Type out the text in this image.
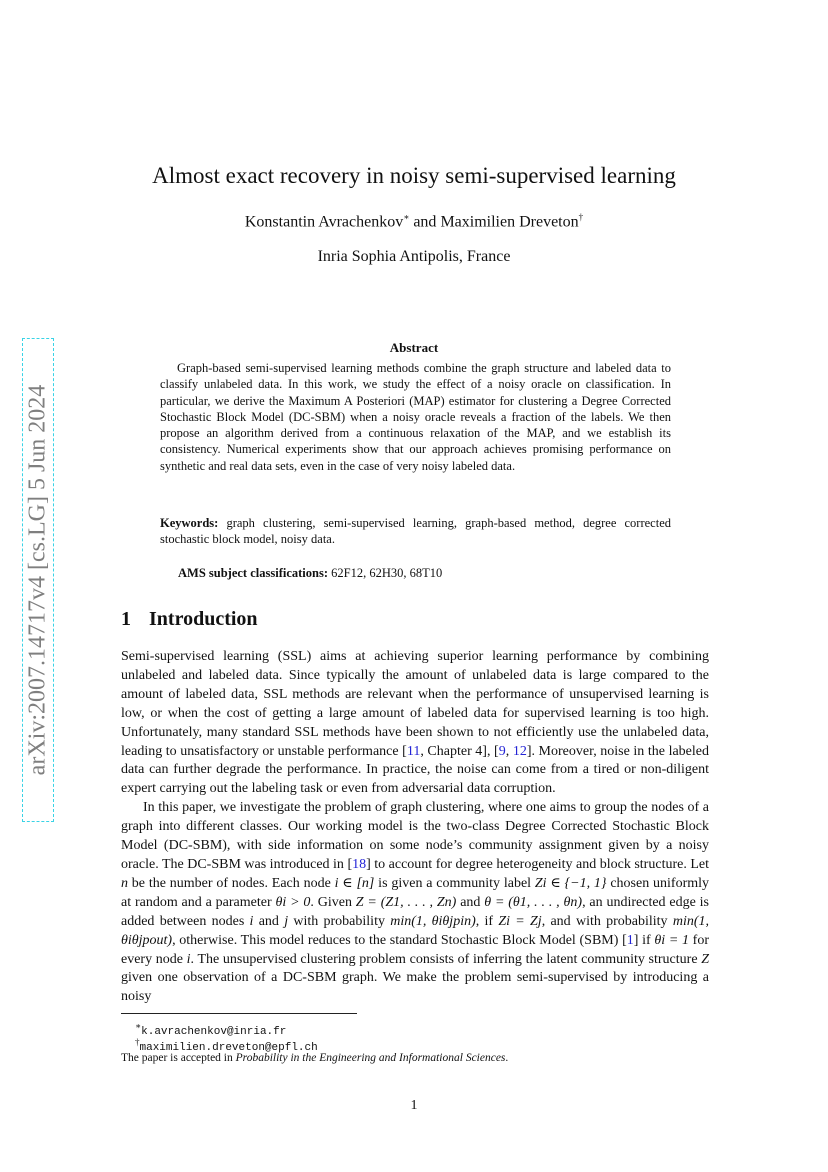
arXiv:2007.14717v4 [cs.LG] 5 Jun 2024
Almost exact recovery in noisy semi-supervised learning
Konstantin Avrachenkov∗ and Maximilien Dreveton†
Inria Sophia Antipolis, France
Abstract
Graph-based semi-supervised learning methods combine the graph structure and labeled data to classify unlabeled data. In this work, we study the effect of a noisy oracle on classification. In particular, we derive the Maximum A Posteriori (MAP) estimator for clustering a Degree Corrected Stochastic Block Model (DC-SBM) when a noisy oracle reveals a fraction of the labels. We then propose an algorithm derived from a continuous relaxation of the MAP, and we establish its consistency. Numerical experiments show that our approach achieves promising performance on synthetic and real data sets, even in the case of very noisy labeled data.
Keywords: graph clustering, semi-supervised learning, graph-based method, degree corrected stochastic block model, noisy data.
AMS subject classifications: 62F12, 62H30, 68T10
1 Introduction

Semi-supervised learning (SSL) aims at achieving superior learning performance by combining unlabeled and labeled data. Since typically the amount of unlabeled data is large compared to the amount of labeled data, SSL methods are relevant when the performance of unsupervised learning is low, or when the cost of getting a large amount of labeled data for supervised learning is too high. Unfortunately, many standard SSL methods have been shown to not efficiently use the unlabeled data, leading to unsatisfactory or unstable performance [11, Chapter 4], [9, 12]. Moreover, noise in the labeled data can further degrade the performance. In practice, the noise can come from a tired or non-diligent expert carrying out the labeling task or even from adversarial data corruption.

In this paper, we investigate the problem of graph clustering, where one aims to group the nodes of a graph into different classes. Our working model is the two-class Degree Corrected Stochastic Block Model (DC-SBM), with side information on some node’s community assignment given by a noisy oracle. The DC-SBM was introduced in [18] to account for degree heterogeneity and block structure. Let n be the number of nodes. Each node i ∈ [n] is given a community label Zi ∈ {−1, 1} chosen uniformly at random and a parameter θi > 0. Given Z = (Z1, . . . , Zn) and θ = (θ1, . . . , θn), an undirected edge is added between nodes i and j with probability min(1, θiθjpin), if Zi = Zj, and with probability min(1, θiθjpout), otherwise. This model reduces to the standard Stochastic Block Model (SBM) [1] if θi = 1 for every node i. The unsupervised clustering problem consists of inferring the latent community structure Z given one observation of a DC-SBM graph. We make the problem semi-supervised by introducing a noisy

∗k.avrachenkov@inria.fr
†maximilien.dreveton@epfl.ch
The paper is accepted in Probability in the Engineering and Informational Sciences.
1
